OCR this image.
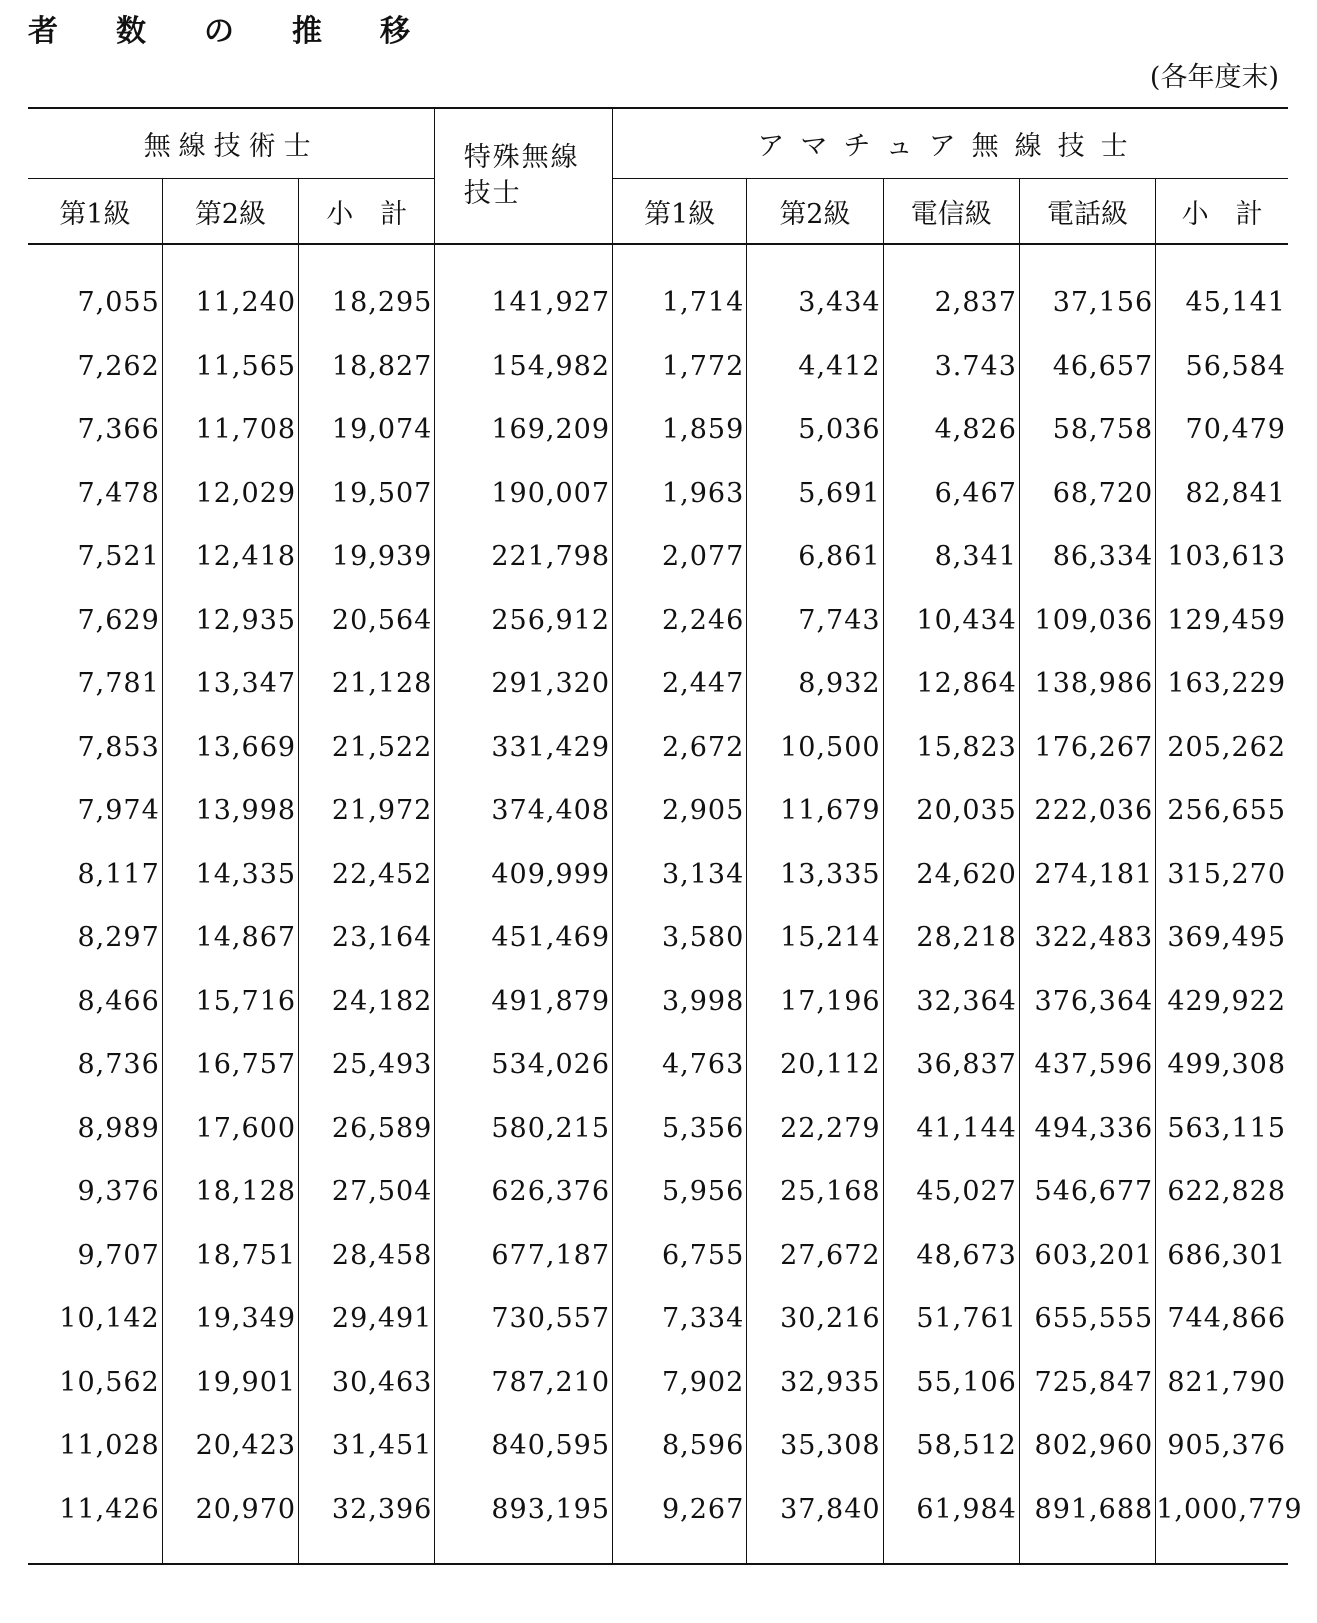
者数の推移
(各年度末)
無線技術士			特殊無線技士	アマチュア無線技士				
第1級	第2級	小　計		第1級	第2級	電信級	電話級	小　計
7,055	11,240	18,295	141,927	1,714	3,434	2,837	37,156	45,141
7,262	11,565	18,827	154,982	1,772	4,412	3.743	46,657	56,584
7,366	11,708	19,074	169,209	1,859	5,036	4,826	58,758	70,479
7,478	12,029	19,507	190,007	1,963	5,691	6,467	68,720	82,841
7,521	12,418	19,939	221,798	2,077	6,861	8,341	86,334	103,613
7,629	12,935	20,564	256,912	2,246	7,743	10,434	109,036	129,459
7,781	13,347	21,128	291,320	2,447	8,932	12,864	138,986	163,229
7,853	13,669	21,522	331,429	2,672	10,500	15,823	176,267	205,262
7,974	13,998	21,972	374,408	2,905	11,679	20,035	222,036	256,655
8,117	14,335	22,452	409,999	3,134	13,335	24,620	274,181	315,270
8,297	14,867	23,164	451,469	3,580	15,214	28,218	322,483	369,495
8,466	15,716	24,182	491,879	3,998	17,196	32,364	376,364	429,922
8,736	16,757	25,493	534,026	4,763	20,112	36,837	437,596	499,308
8,989	17,600	26,589	580,215	5,356	22,279	41,144	494,336	563,115
9,376	18,128	27,504	626,376	5,956	25,168	45,027	546,677	622,828
9,707	18,751	28,458	677,187	6,755	27,672	48,673	603,201	686,301
10,142	19,349	29,491	730,557	7,334	30,216	51,761	655,555	744,866
10,562	19,901	30,463	787,210	7,902	32,935	55,106	725,847	821,790
11,028	20,423	31,451	840,595	8,596	35,308	58,512	802,960	905,376
11,426	20,970	32,396	893,195	9,267	37,840	61,984	891,688	1,000,779
